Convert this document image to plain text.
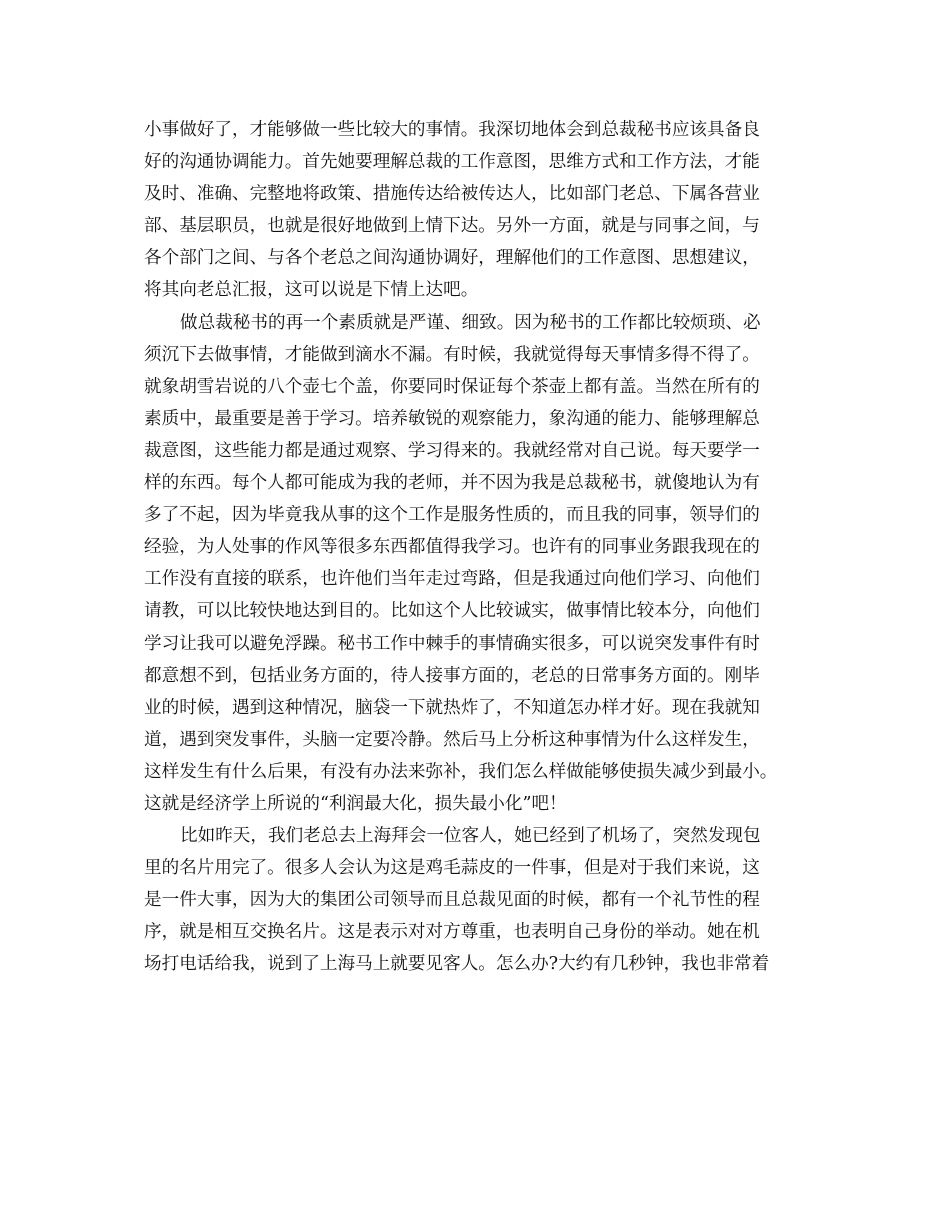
小事做好了，才能够做一些比较大的事情。我深切地体会到总裁秘书应该具备良
好的沟通协调能力。首先她要理解总裁的工作意图，思维方式和工作方法，才能
及时、准确、完整地将政策、措施传达给被传达人，比如部门老总、下属各营业
部、基层职员，也就是很好地做到上情下达。另外一方面，就是与同事之间，与
各个部门之间、与各个老总之间沟通协调好，理解他们的工作意图、思想建议，
将其向老总汇报，这可以说是下情上达吧。
做总裁秘书的再一个素质就是严谨、细致。因为秘书的工作都比较烦琐、必
须沉下去做事情，才能做到滴水不漏。有时候，我就觉得每天事情多得不得了。
就象胡雪岩说的八个壶七个盖，你要同时保证每个茶壶上都有盖。当然在所有的
素质中，最重要是善于学习。培养敏锐的观察能力，象沟通的能力、能够理解总
裁意图，这些能力都是通过观察、学习得来的。我就经常对自己说。每天要学一
样的东西。每个人都可能成为我的老师，并不因为我是总裁秘书，就傻地认为有
多了不起，因为毕竟我从事的这个工作是服务性质的，而且我的同事，领导们的
经验，为人处事的作风等很多东西都值得我学习。也许有的同事业务跟我现在的
工作没有直接的联系，也许他们当年走过弯路，但是我通过向他们学习、向他们
请教，可以比较快地达到目的。比如这个人比较诚实，做事情比较本分，向他们
学习让我可以避免浮躁。秘书工作中棘手的事情确实很多，可以说突发事件有时
都意想不到，包括业务方面的，待人接事方面的，老总的日常事务方面的。刚毕
业的时候，遇到这种情况，脑袋一下就热炸了，不知道怎办样才好。现在我就知
道，遇到突发事件，头脑一定要冷静。然后马上分析这种事情为什么这样发生，
这样发生有什么后果，有没有办法来弥补，我们怎么样做能够使损失减少到最小。
这就是经济学上所说的“利润最大化，损失最小化”吧！
比如昨天，我们老总去上海拜会一位客人，她已经到了机场了，突然发现包
里的名片用完了。很多人会认为这是鸡毛蒜皮的一件事，但是对于我们来说，这
是一件大事，因为大的集团公司领导而且总裁见面的时候，都有一个礼节性的程
序，就是相互交换名片。这是表示对对方尊重，也表明自己身份的举动。她在机
场打电话给我，说到了上海马上就要见客人。怎么办?大约有几秒钟，我也非常着
